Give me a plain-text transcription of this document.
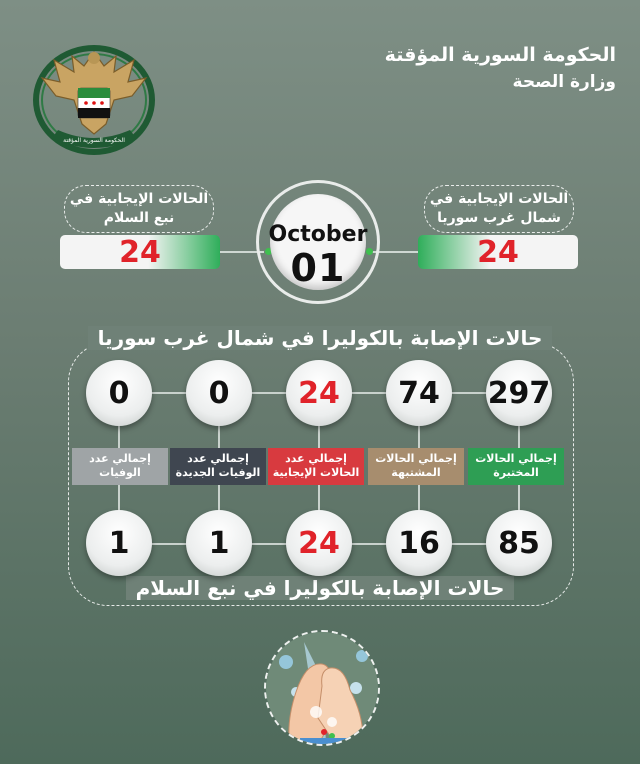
الحكومة السورية المؤقتة
الحكومة السورية المؤقتة
وزارة الصحة
الحالات الإيجابية في
نبع السلام
24
الحالات الإيجابية في
شمال غرب سوريا
24
October
01
حالات الإصابة بالكوليرا في شمال غرب سوريا
حالات الإصابة بالكوليرا في نبع السلام
297
74
24
0
0
إجمالي الحالات
المختبرة
إجمالي الحالات
المشتبهة
إجمالي عدد
الحالات الإيجابية
إجمالي عدد
الوفيات الجديدة
إجمالي عدد
الوفيات
85
16
24
1
1
